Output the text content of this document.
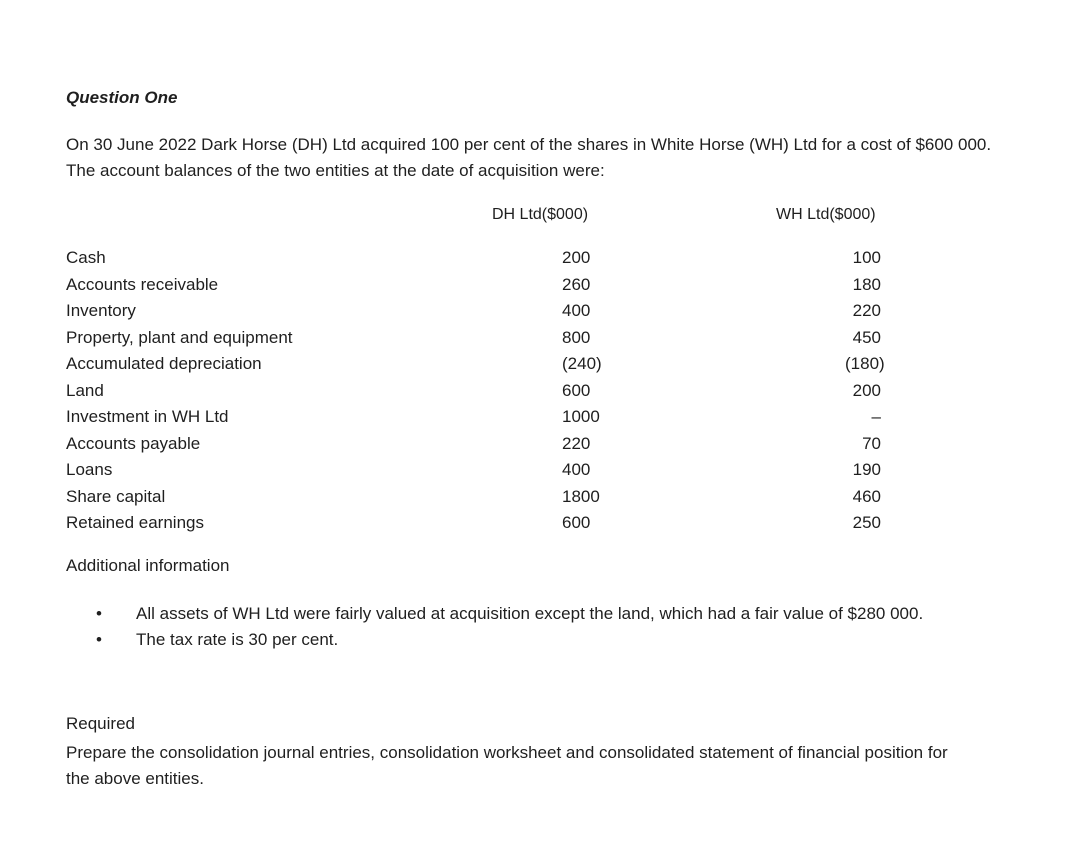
Question One
On 30 June 2022 Dark Horse (DH) Ltd acquired 100 per cent of the shares in White Horse (WH) Ltd for a cost of $600 000. The account balances of the two entities at the date of acquisition were:
DH Ltd($000)	WH Ltd($000)
Cash	200	100
Accounts receivable	260	180
Inventory	400	220
Property, plant and equipment	800	450
Accumulated depreciation	(240)	(180)
Land	600	200
Investment in WH Ltd	1000	–
Accounts payable	220	70
Loans	400	190
Share capital	1800	460
Retained earnings	600	250
Additional information
• All assets of WH Ltd were fairly valued at acquisition except the land, which had a fair value of $280 000.
• The tax rate is 30 per cent.
Required
Prepare the consolidation journal entries, consolidation worksheet and consolidated statement of financial position for the above entities.
